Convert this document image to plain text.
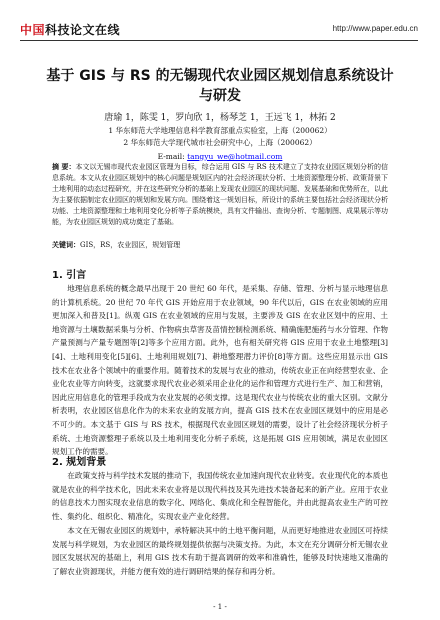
中国科技论文在线	http://www.paper.edu.cn
基于 GIS 与 RS 的无锡现代农业园区规划信息系统设计与研发
唐瑜 1，陈雯 1，罗向欣 1，杨琴芝 1，王远飞 1，林拓 2
1 华东师范大学地理信息科学教育部重点实验室，上海（200062）
2 华东师范大学现代城市社会研究中心，上海（200062）
E-mail: tangyu_we@hotmail.com
摘 要：本文以无锡市现代农业园区管理为目标，综合运用 GIS 与 RS 技术建立了支持农业园区规划分析的信息系统。本文从农业园区规划中的核心问题是规划区内的社会经济现状分析、土地资源整理分析、政策背景下土地利用的动态过程研究，并在这些研究分析的基础上发现农业园区的现状问题、发展基础和优势所在，以此为主要依据制定农业园区的规划和发展方向。围绕着这一规划目标，所设计的系统主要包括社会经济现状分析功能、土地资源整理和土地利用变化分析等子系统模块，具有文件输出、查询分析、专题制图、成果展示等功能，为农业园区规划的成功奠定了基础。
关键词：GIS，RS，农业园区，规划管理
1. 引言

地理信息系统的概念最早出现于 20 世纪 60 年代，是采集、存储、管理、分析与显示地理信息的计算机系统。20 世纪 70 年代 GIS 开始应用于农业领域，90 年代以后，GIS 在农业领域的应用更加深入和普及[1]。纵观 GIS 在农业领域的应用与发展，主要涉及 GIS 在农业区划中的应用、土地资源与土壤数据采集与分析、作物病虫草害及苗情控制检测系统、精确施肥施药与水分管理、作物产量预测与产量专题图等[2]等多个应用方面。此外，也有相关研究将 GIS 应用于农业土地整理[3][4]、土地利用变化[5][6]、土地利用规划[7]、耕地整理潜力评价[8]等方面。这些应用显示出 GIS 技术在农业各个领域中的重要作用。随着技术的发展与农业的推动，传统农业正在向经营型农业、企业化农业等方向转变，这就要求现代农业必须采用企业化的运作和管理方式进行生产、加工和营销，因此应用信息化的管理手段成为农业发展的必须支撑。这是现代农业与传统农业的重大区别。文献分析表明，农业园区信息化作为的未来农业的发展方向，提高 GIS 技术在农业园区规划中的应用是必不可少的。本文基于 GIS 与 RS 技术，根据现代农业园区规划的需要，设计了社会经济现状分析子系统、土地资源整理子系统以及土地利用变化分析子系统，这是拓展 GIS 应用领域，满足农业园区规划工作的需要。

2. 规划背景

在政策支持与科学技术发展的推动下，我国传统农业加速向现代农业转变。农业现代化的本质也就是农业的科学技术化，因此未来农业将是以现代科技及其先进技术装备起来的新产业。应用于农业的信息技术力图实现农业信息的数字化、网络化、集成化和全程智能化，并由此提高农业生产的可控性、集约化、组织化、精准化，实现农业产业化经营。

本文在无锡农业园区的规划中，承特解决其中的土地平衡问题，从而更好地推进农业园区可持续发展与科学规划，为农业园区的最终规划提供依据与决策支持。为此，本文在充分调研分析无锡农业园区发展状况的基础上，利用 GIS 技术有助于提高调研的效率和准确性，能够及时快速地又准确的了解农业资源现状，并能方便有效的进行调研结果的保存和再分析。

- 1 -
